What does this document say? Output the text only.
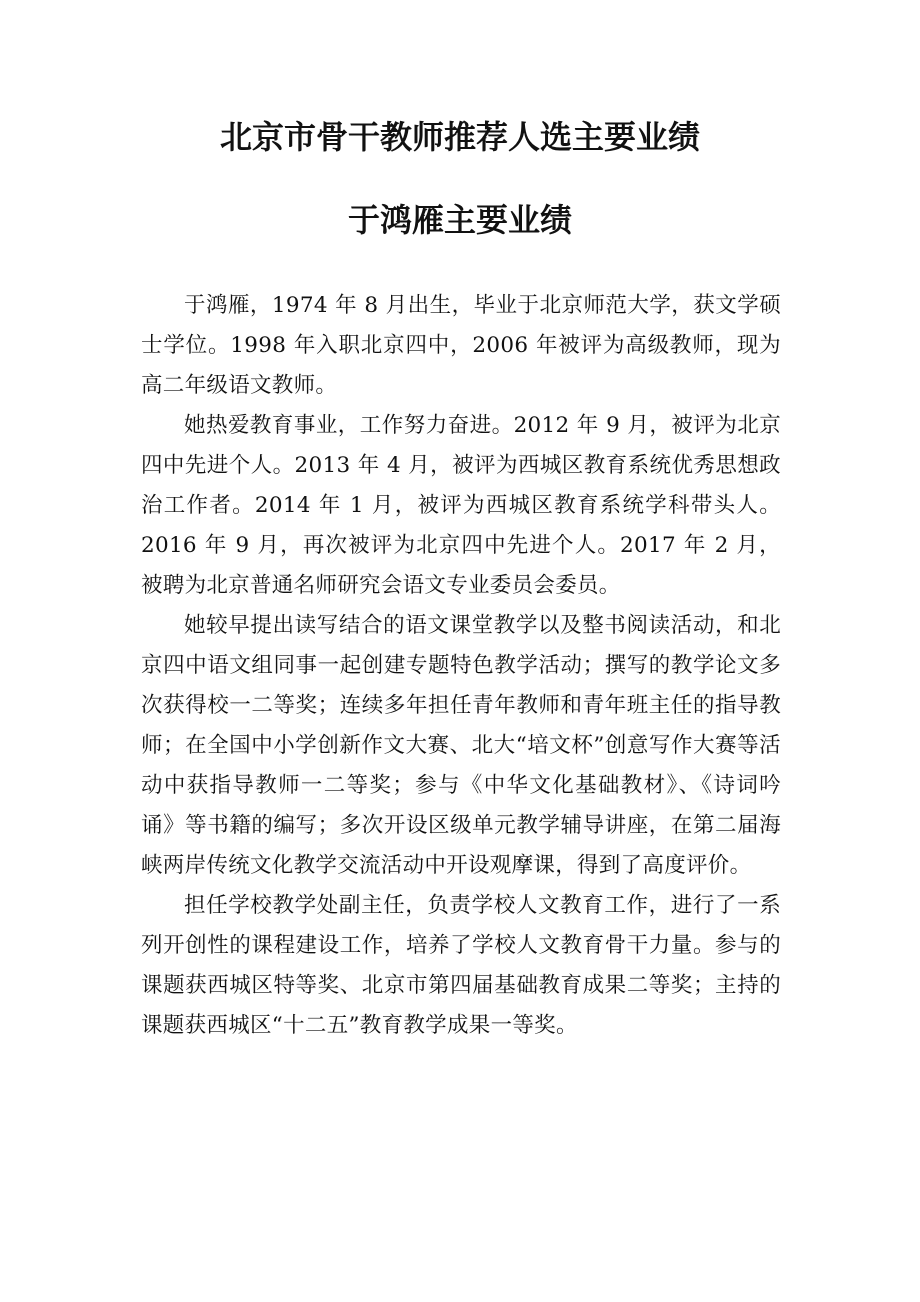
北京市骨干教师推荐人选主要业绩
于鸿雁主要业绩

于鸿雁，1974 年 8 月出生，毕业于北京师范大学，获文学硕士学位。1998 年入职北京四中，2006 年被评为高级教师，现为高二年级语文教师。

她热爱教育事业，工作努力奋进。2012 年 9 月，被评为北京四中先进个人。2013 年 4 月，被评为西城区教育系统优秀思想政治工作者。2014 年 1 月，被评为西城区教育系统学科带头人。2016 年 9 月，再次被评为北京四中先进个人。2017 年 2 月，被聘为北京普通名师研究会语文专业委员会委员。

她较早提出读写结合的语文课堂教学以及整书阅读活动，和北京四中语文组同事一起创建专题特色教学活动；撰写的教学论文多次获得校一二等奖；连续多年担任青年教师和青年班主任的指导教师；在全国中小学创新作文大赛、北大“培文杯”创意写作大赛等活动中获指导教师一二等奖；参与《中华文化基础教材》、《诗词吟诵》等书籍的编写；多次开设区级单元教学辅导讲座，在第二届海峡两岸传统文化教学交流活动中开设观摩课，得到了高度评价。

担任学校教学处副主任，负责学校人文教育工作，进行了一系列开创性的课程建设工作，培养了学校人文教育骨干力量。参与的课题获西城区特等奖、北京市第四届基础教育成果二等奖；主持的课题获西城区“十二五”教育教学成果一等奖。
